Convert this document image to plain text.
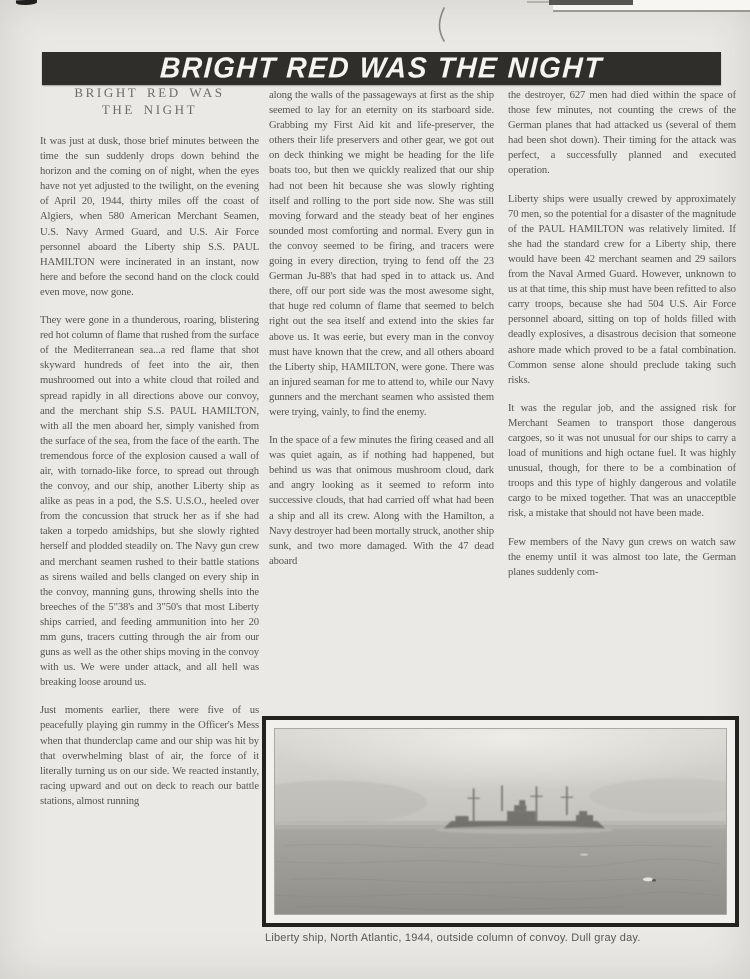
BRIGHT RED WAS THE NIGHT
BRIGHT RED WAS
THE NIGHT

It was just at dusk, those brief minutes between the time the sun suddenly drops down behind the horizon and the coming on of night, when the eyes have not yet adjusted to the twilight, on the evening of April 20, 1944, thirty miles off the coast of Algiers, when 580 American Merchant Seamen, U.S. Navy Armed Guard, and U.S. Air Force personnel aboard the Liberty ship S.S. PAUL HAMILTON were incinerated in an instant, now here and before the second hand on the clock could even move, now gone.

They were gone in a thunderous, roaring, blistering red hot column of flame that rushed from the surface of the Mediterranean sea...a red flame that shot skyward hundreds of feet into the air, then mushroomed out into a white cloud that roiled and spread rapidly in all directions above our convoy, and the merchant ship S.S. PAUL HAMILTON, with all the men aboard her, simply vanished from the surface of the sea, from the face of the earth. The tremendous force of the explosion caused a wall of air, with tornado-like force, to spread out through the convoy, and our ship, another Liberty ship as alike as peas in a pod, the S.S. U.S.O., heeled over from the concussion that struck her as if she had taken a torpedo amidships, but she slowly righted herself and plodded steadily on. The Navy gun crew and merchant seamen rushed to their battle stations as sirens wailed and bells clanged on every ship in the convoy, manning guns, throwing shells into the breeches of the 5"38's and 3"50's that most Liberty ships carried, and feeding ammunition into her 20 mm guns, tracers cutting through the air from our guns as well as the other ships moving in the convoy with us. We were under attack, and all hell was breaking loose around us.

Just moments earlier, there were five of us peacefully playing gin rummy in the Officer's Mess when that thunderclap came and our ship was hit by that overwhelming blast of air, the force of it literally turning us on our side. We reacted instantly, racing upward and out on deck to reach our battle stations, almost running

along the walls of the passageways at first as the ship seemed to lay for an eternity on its starboard side. Grabbing my First Aid kit and life-preserver, the others their life preservers and other gear, we got out on deck thinking we might be heading for the life boats too, but then we quickly realized that our ship had not been hit because she was slowly righting itself and rolling to the port side now. She was still moving forward and the steady beat of her engines sounded most comforting and normal. Every gun in the convoy seemed to be firing, and tracers were going in every direction, trying to fend off the 23 German Ju-88's that had sped in to attack us. And there, off our port side was the most awesome sight, that huge red column of flame that seemed to belch right out the sea itself and extend into the skies far above us. It was eerie, but every man in the convoy must have known that the crew, and all others aboard the Liberty ship, HAMILTON, were gone. There was an injured seaman for me to attend to, while our Navy gunners and the merchant seamen who assisted them were trying, vainly, to find the enemy.

In the space of a few minutes the firing ceased and all was quiet again, as if nothing had happened, but behind us was that onimous mushroom cloud, dark and angry looking as it seemed to reform into successive clouds, that had carried off what had been a ship and all its crew. Along with the Hamilton, a Navy destroyer had been mortally struck, another ship sunk, and two more damaged. With the 47 dead aboard

the destroyer, 627 men had died within the space of those few minutes, not counting the crews of the German planes that had attacked us (several of them had been shot down). Their timing for the attack was perfect, a successfully planned and executed operation.

Liberty ships were usually crewed by approximately 70 men, so the potential for a disaster of the magnitude of the PAUL HAMILTON was relatively limited. If she had the standard crew for a Liberty ship, there would have been 42 merchant seamen and 29 sailors from the Naval Armed Guard. However, unknown to us at that time, this ship must have been refitted to also carry troops, because she had 504 U.S. Air Force personnel aboard, sitting on top of holds filled with deadly explosives, a disastrous decision that someone ashore made which proved to be a fatal combination. Common sense alone should preclude taking such risks.

It was the regular job, and the assigned risk for Merchant Seamen to transport those dangerous cargoes, so it was not unusual for our ships to carry a load of munitions and high octane fuel. It was highly unusual, though, for there to be a combination of troops and this type of highly dangerous and volatile cargo to be mixed together. That was an unacceptble risk, a mistake that should not have been made.

Few members of the Navy gun crews on watch saw the enemy until it was almost too late, the German planes suddenly com-

Liberty ship, North Atlantic, 1944, outside column of convoy. Dull gray day.
